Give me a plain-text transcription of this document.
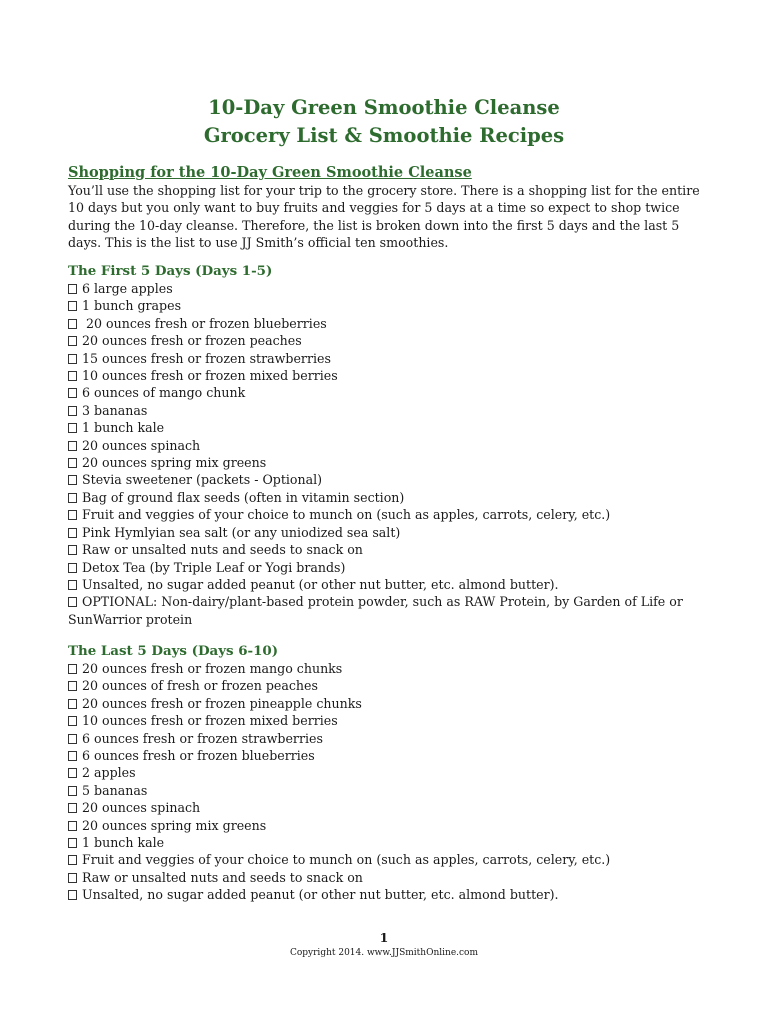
10-Day Green Smoothie Cleanse
Grocery List & Smoothie Recipes
Shopping for the 10-Day Green Smoothie Cleanse

You’ll use the shopping list for your trip to the grocery store. There is a shopping list for the entire 10 days but you only want to buy fruits and veggies for 5 days at a time so expect to shop twice during the 10-day cleanse. Therefore, the list is broken down into the first 5 days and the last 5 days. This is the list to use JJ Smith’s official ten smoothies.

The First 5 Days (Days 1-5)
6 large apples
1 bunch grapes
20 ounces fresh or frozen blueberries
20 ounces fresh or frozen peaches
15 ounces fresh or frozen strawberries
10 ounces fresh or frozen mixed berries
6 ounces of mango chunk
3 bananas
1 bunch kale
20 ounces spinach
20 ounces spring mix greens
Stevia sweetener (packets - Optional)
Bag of ground flax seeds (often in vitamin section)
Fruit and veggies of your choice to munch on (such as apples, carrots, celery, etc.)
Pink Hymlyian sea salt (or any uniodized sea salt)
Raw or unsalted nuts and seeds to snack on
Detox Tea (by Triple Leaf or Yogi brands)
Unsalted, no sugar added peanut (or other nut butter, etc. almond butter).
OPTIONAL: Non-dairy/plant-based protein powder, such as RAW Protein, by Garden of Life or SunWarrior protein
The Last 5 Days (Days 6-10)
20 ounces fresh or frozen mango chunks
20 ounces of fresh or frozen peaches
20 ounces fresh or frozen pineapple chunks
10 ounces fresh or frozen mixed berries
6 ounces fresh or frozen strawberries
6 ounces fresh or frozen blueberries
2 apples
5 bananas
20 ounces spinach
20 ounces spring mix greens
1 bunch kale
Fruit and veggies of your choice to munch on (such as apples, carrots, celery, etc.)
Raw or unsalted nuts and seeds to snack on
Unsalted, no sugar added peanut (or other nut butter, etc. almond butter).

1

Copyright 2014. www.JJSmithOnline.com
